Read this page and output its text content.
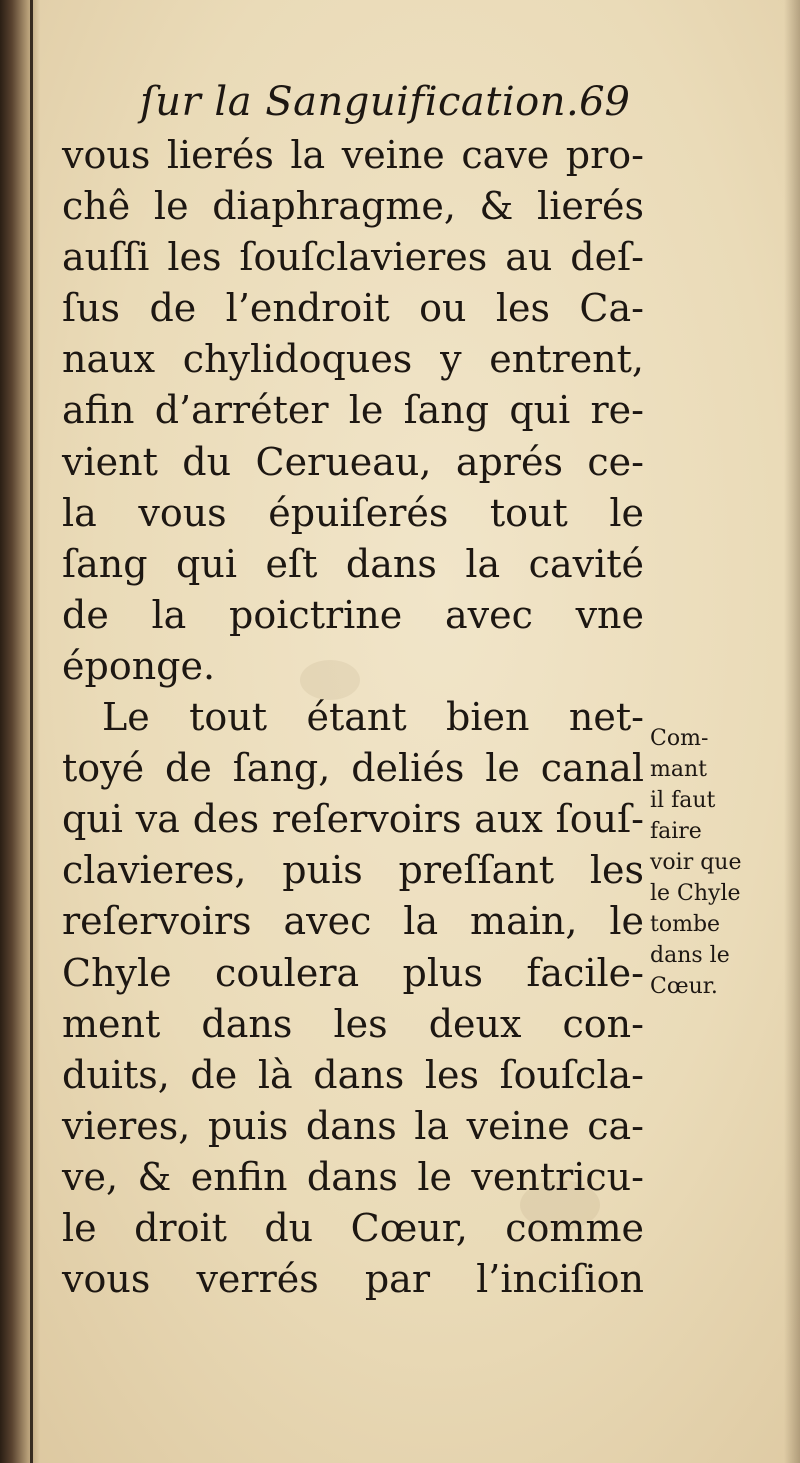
ſur la Sanguification. 69
vous lierés la veine cave pro-
chê le diaphragme, & lierés
auſſi les ſouſclavieres au deſ-
ſus de l’endroit ou les Ca-
naux chylidoques y entrent,
afin d’arréter le ſang qui re-
vient du Cerueau, aprés ce-
la vous épuiſerés tout le
ſang qui eſt dans la cavité
de la poictrine avec vne
éponge.
Le tout étant bien net-
toyé de ſang, deliés le canal
qui va des reſervoirs aux ſouſ-
clavieres, puis preſſant les
reſervoirs avec la main, le
Chyle coulera plus facile-
ment dans les deux con-
duits, de là dans les ſouſcla-
vieres, puis dans la veine ca-
ve, & enfin dans le ventricu-
le droit du Cœur, comme
vous verrés par l’inciſion
Com-
mant
il faut
faire
voir que
le Chyle
tombe
dans le
Cœur.
